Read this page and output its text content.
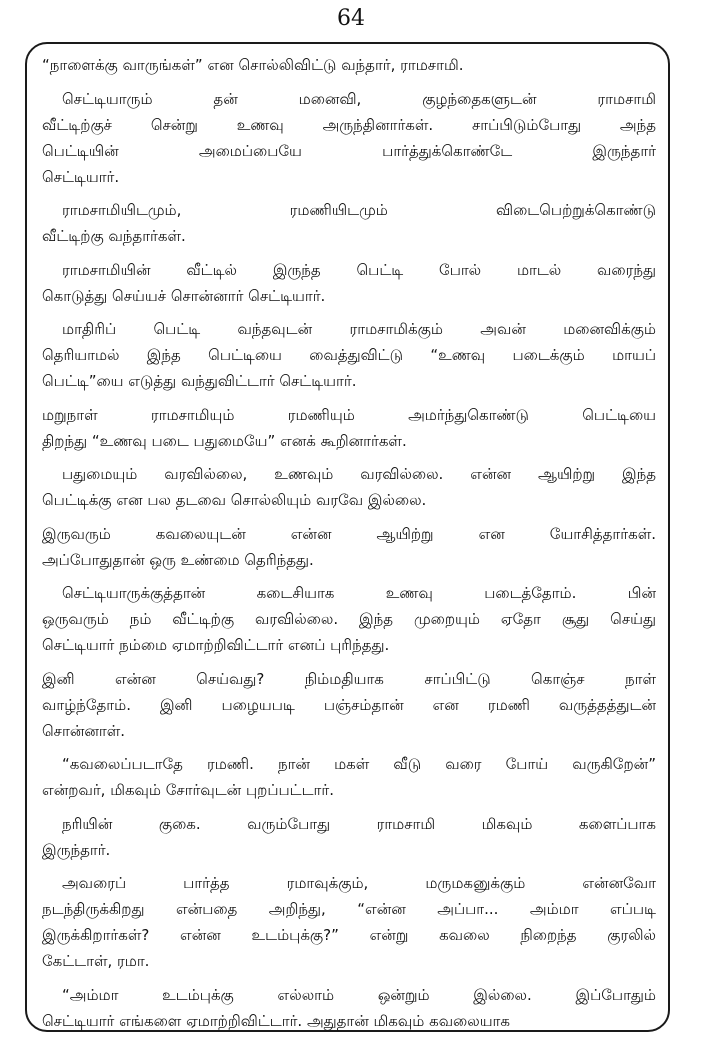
64

“நாளைக்கு வாருங்கள்” என சொல்லிவிட்டு வந்தார், ராமசாமி.

செட்டியாரும் தன் மனைவி, குழந்தைகளுடன் ராமசாமி
வீட்டிற்குச் சென்று உணவு அருந்தினார்கள். சாப்பிடும்போது அந்த
பெட்டியின் அமைப்பையே பார்த்துக்கொண்டே இருந்தார்
செட்டியார்.

ராமசாமியிடமும், ரமணியிடமும் விடைபெற்றுக்கொண்டு
வீட்டிற்கு வந்தார்கள்.

ராமசாமியின் வீட்டில் இருந்த பெட்டி போல் மாடல் வரைந்து
கொடுத்து செய்யச் சொன்னார் செட்டியார்.

மாதிரிப் பெட்டி வந்தவுடன் ராமசாமிக்கும் அவன் மனைவிக்கும்
தெரியாமல் இந்த பெட்டியை வைத்துவிட்டு “உணவு படைக்கும் மாயப்
பெட்டி”யை எடுத்து வந்துவிட்டார் செட்டியார்.

மறுநாள் ராமசாமியும் ரமணியும் அமர்ந்துகொண்டு பெட்டியை
திறந்து “உணவு படை பதுமையே” எனக் கூறினார்கள்.

பதுமையும் வரவில்லை, உணவும் வரவில்லை. என்ன ஆயிற்று இந்த
பெட்டிக்கு என பல தடவை சொல்லியும் வரவே இல்லை.

இருவரும் கவலையுடன் என்ன ஆயிற்று என யோசித்தார்கள்.
அப்போதுதான் ஒரு உண்மை தெரிந்தது.

செட்டியாருக்குத்தான் கடைசியாக உணவு படைத்தோம். பின்
ஒருவரும் நம் வீட்டிற்கு வரவில்லை. இந்த முறையும் ஏதோ சூது செய்து
செட்டியார் நம்மை ஏமாற்றிவிட்டார் எனப் புரிந்தது.

இனி என்ன செய்வது? நிம்மதியாக சாப்பிட்டு கொஞ்ச நாள்
வாழ்ந்தோம். இனி பழையபடி பஞ்சம்தான் என ரமணி வருத்தத்துடன்
சொன்னாள்.

“கவலைப்படாதே ரமணி. நான் மகள் வீடு வரை போய் வருகிறேன்”
என்றவர், மிகவும் சோர்வுடன் புறப்பட்டார்.

நரியின் குகை. வரும்போது ராமசாமி மிகவும் களைப்பாக
இருந்தார்.

அவரைப் பார்த்த ரமாவுக்கும், மருமகனுக்கும் என்னவோ
நடந்திருக்கிறது என்பதை அறிந்து, “என்ன அப்பா... அம்மா எப்படி
இருக்கிறார்கள்? என்ன உடம்புக்கு?” என்று கவலை நிறைந்த குரலில்
கேட்டாள், ரமா.

“அம்மா உடம்புக்கு எல்லாம் ஒன்றும் இல்லை. இப்போதும்
செட்டியார் எங்களை ஏமாற்றிவிட்டார். அதுதான் மிகவும் கவலையாக
